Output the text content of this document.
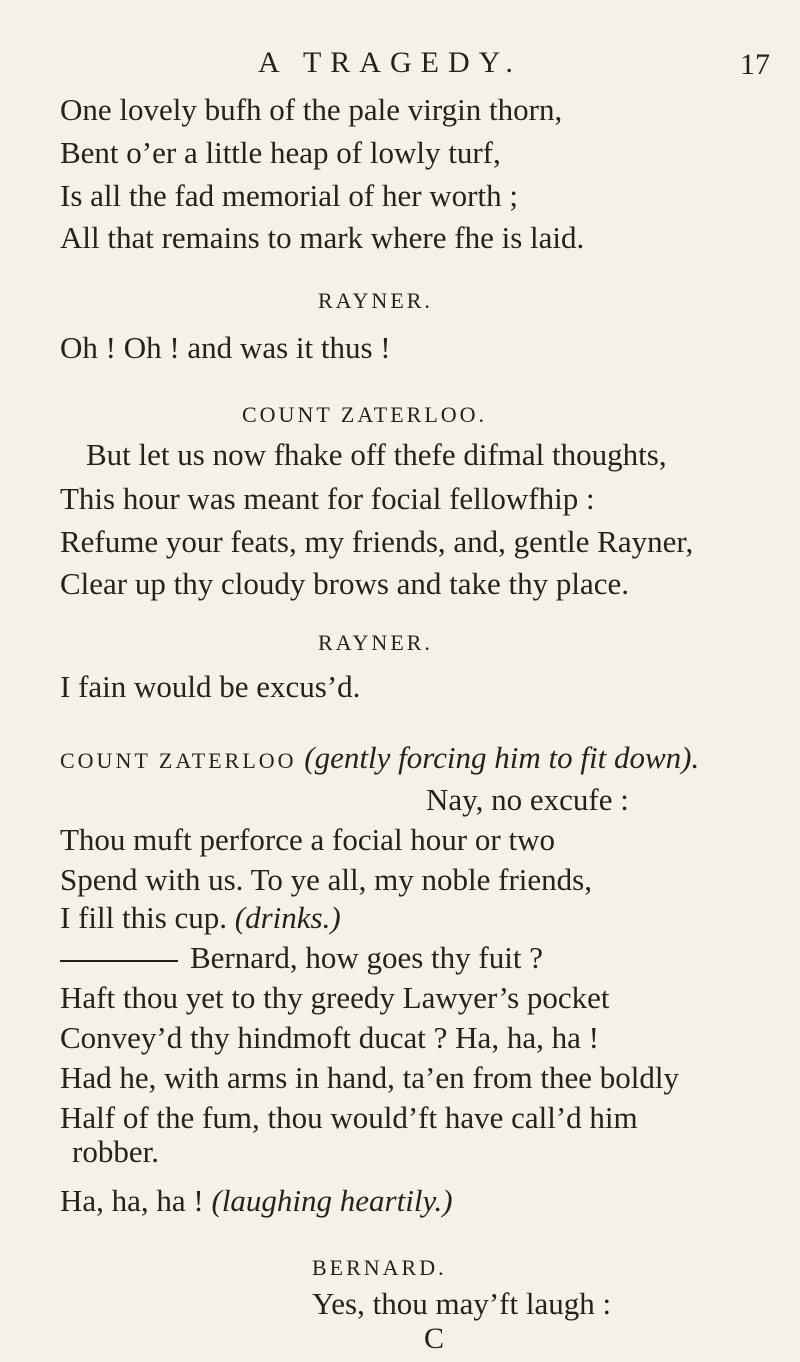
A TRAGEDY.	17
One lovely bufh of the pale virgin thorn,
Bent o’er a little heap of lowly turf,
Is all the fad memorial of her worth ;
All that remains to mark where fhe is laid.
RAYNER.
Oh ! Oh ! and was it thus !
COUNT ZATERLOO.
But let us now fhake off thefe difmal thoughts,
This hour was meant for focial fellowfhip :
Refume your feats, my friends, and, gentle Rayner,
Clear up thy cloudy brows and take thy place.
RAYNER.
I fain would be excus’d.
COUNT ZATERLOO (gently forcing him to fit down).
Nay, no excufe :
Thou muft perforce a focial hour or two
Spend with us. To ye all, my noble friends,
I fill this cup. (drinks.)
Bernard, how goes thy fuit ?
Haft thou yet to thy greedy Lawyer’s pocket
Convey’d thy hindmoft ducat ? Ha, ha, ha !
Had he, with arms in hand, ta’en from thee boldly
Half of the fum, thou would’ft have call’d him
robber.
Ha, ha, ha ! (laughing heartily.)
BERNARD.
Yes, thou may’ft laugh :
C
